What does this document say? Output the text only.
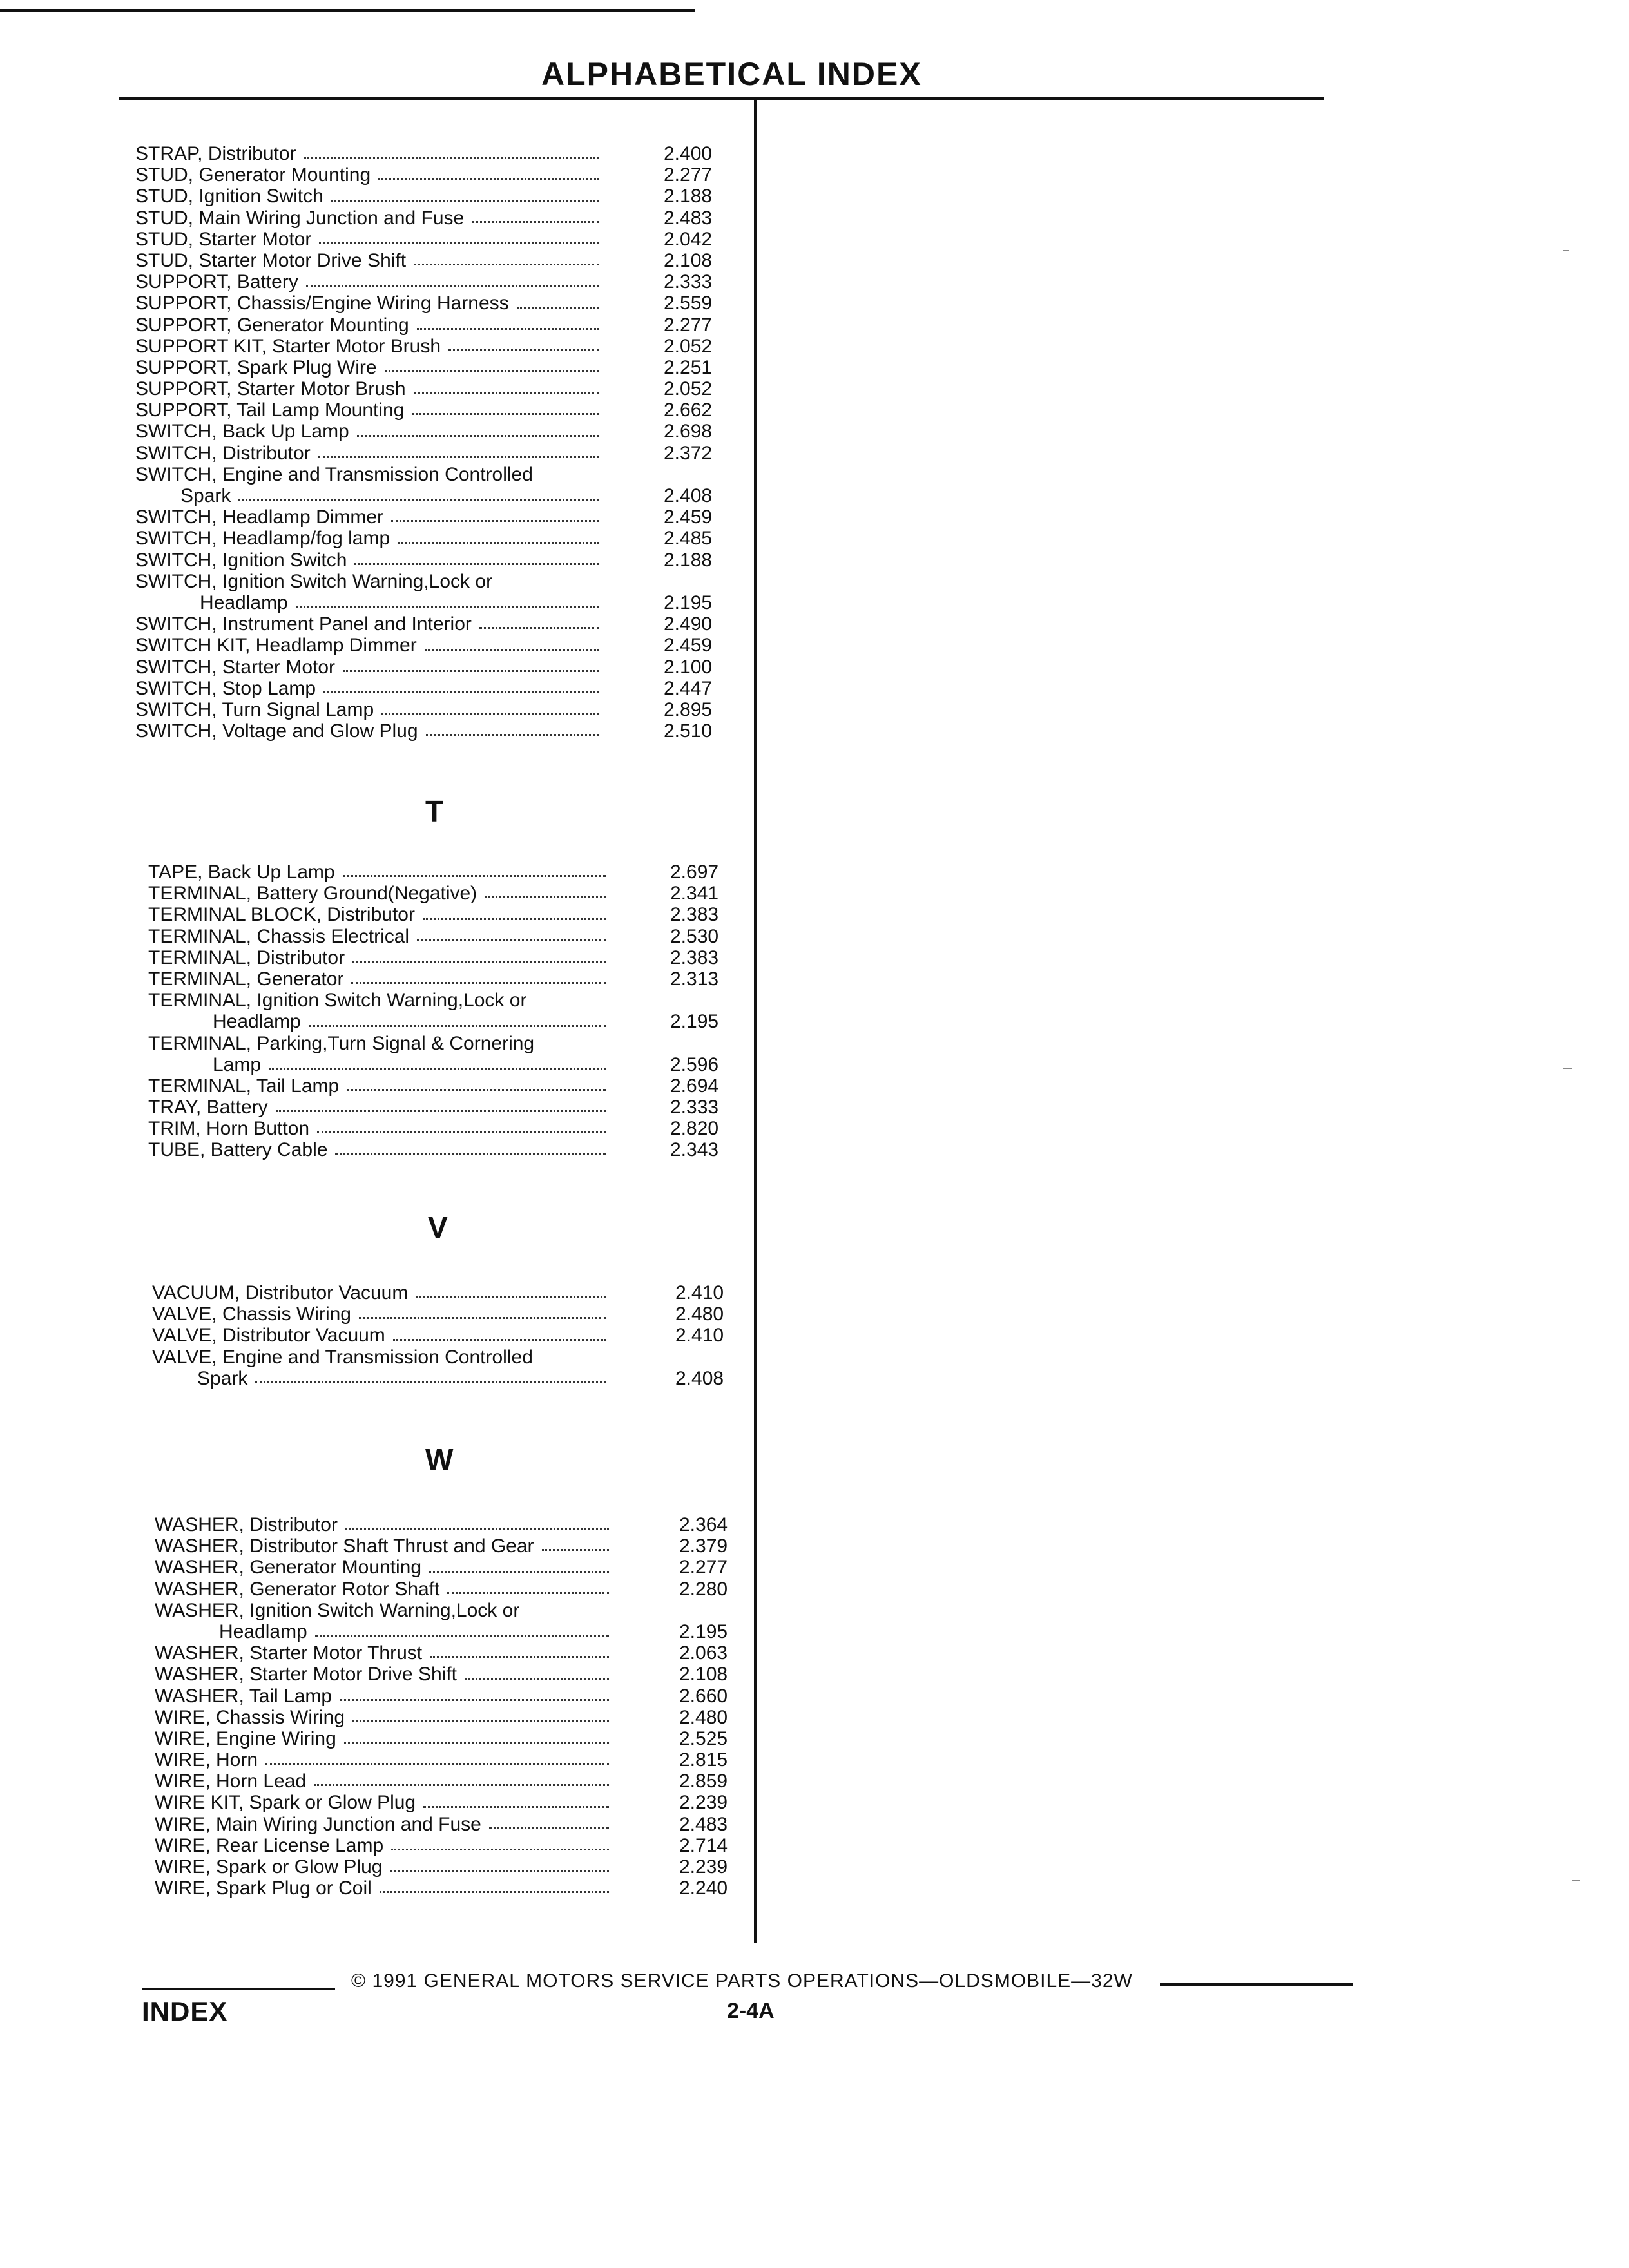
ALPHABETICAL INDEX
STRAP, Distributor	2.400
STUD, Generator Mounting	2.277
STUD, Ignition Switch	2.188
STUD, Main Wiring Junction and Fuse	2.483
STUD, Starter Motor	2.042
STUD, Starter Motor Drive Shift	2.108
SUPPORT, Battery	2.333
SUPPORT, Chassis/Engine Wiring Harness	2.559
SUPPORT, Generator Mounting	2.277
SUPPORT KIT, Starter Motor Brush	2.052
SUPPORT, Spark Plug Wire	2.251
SUPPORT, Starter Motor Brush	2.052
SUPPORT, Tail Lamp Mounting	2.662
SWITCH, Back Up Lamp	2.698
SWITCH, Distributor	2.372
SWITCH, Engine and Transmission Controlled
Spark	2.408
SWITCH, Headlamp Dimmer	2.459
SWITCH, Headlamp/fog lamp	2.485
SWITCH, Ignition Switch	2.188
SWITCH, Ignition Switch Warning,Lock or
Headlamp	2.195
SWITCH, Instrument Panel and Interior	2.490
SWITCH KIT, Headlamp Dimmer	2.459
SWITCH, Starter Motor	2.100
SWITCH, Stop Lamp	2.447
SWITCH, Turn Signal Lamp	2.895
SWITCH, Voltage and Glow Plug	2.510
T
TAPE, Back Up Lamp	2.697
TERMINAL, Battery Ground(Negative)	2.341
TERMINAL BLOCK, Distributor	2.383
TERMINAL, Chassis Electrical	2.530
TERMINAL, Distributor	2.383
TERMINAL, Generator	2.313
TERMINAL, Ignition Switch Warning,Lock or
Headlamp	2.195
TERMINAL, Parking,Turn Signal & Cornering
Lamp	2.596
TERMINAL, Tail Lamp	2.694
TRAY, Battery	2.333
TRIM, Horn Button	2.820
TUBE, Battery Cable	2.343
V
VACUUM, Distributor Vacuum	2.410
VALVE, Chassis Wiring	2.480
VALVE, Distributor Vacuum	2.410
VALVE, Engine and Transmission Controlled
Spark	2.408
W
WASHER, Distributor	2.364
WASHER, Distributor Shaft Thrust and Gear	2.379
WASHER, Generator Mounting	2.277
WASHER, Generator Rotor Shaft	2.280
WASHER, Ignition Switch Warning,Lock or
Headlamp	2.195
WASHER, Starter Motor Thrust	2.063
WASHER, Starter Motor Drive Shift	2.108
WASHER, Tail Lamp	2.660
WIRE, Chassis Wiring	2.480
WIRE, Engine Wiring	2.525
WIRE, Horn	2.815
WIRE, Horn Lead	2.859
WIRE KIT, Spark or Glow Plug	2.239
WIRE, Main Wiring Junction and Fuse	2.483
WIRE, Rear License Lamp	2.714
WIRE, Spark or Glow Plug	2.239
WIRE, Spark Plug or Coil	2.240
© 1991 GENERAL MOTORS SERVICE PARTS OPERATIONS—OLDSMOBILE—32W
INDEX	2-4A
